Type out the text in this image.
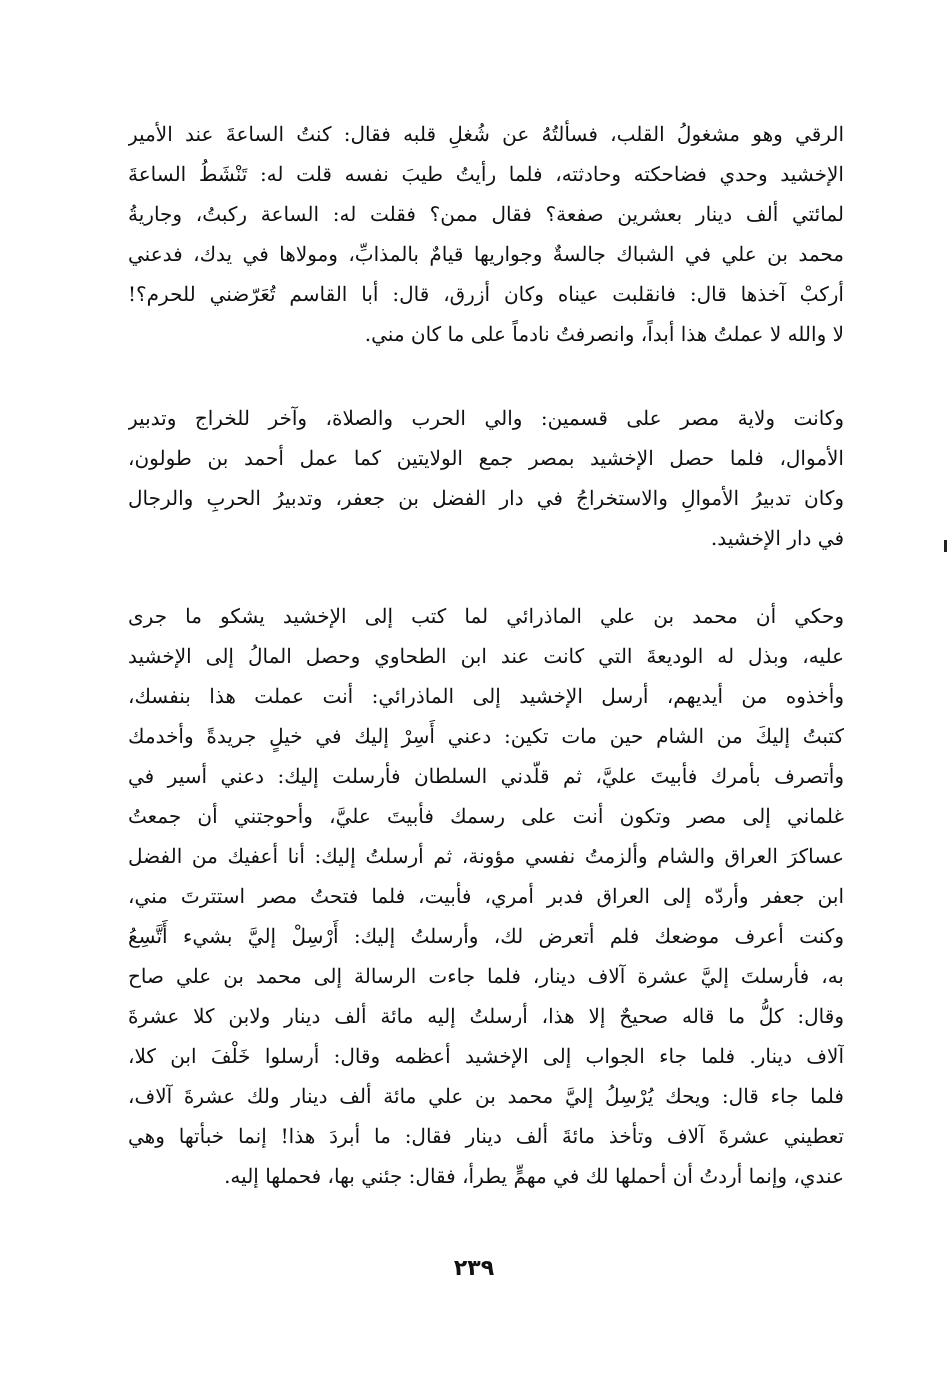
الرقي وهو مشغولُ القلب، فسألتُهُ عن شُغلِ قلبه فقال: كنتُ الساعةَ عند الأمير
الإخشيد وحدي فضاحكته وحادثته، فلما رأيتُ طيبَ نفسه قلت له: تَنْشَطُ الساعةَ
لمائتي ألف دينار بعشرين صفعة؟ فقال ممن؟ فقلت له: الساعة ركبتُ، وجاريةُ
محمد بن علي في الشباك جالسةٌ وجواريها قيامٌ بالمذابِّ، ومولاها في يدك، فدعني
أركبْ آخذها قال: فانقلبت عيناه وكان أزرق، قال: أبا القاسم تُعَرّضني للحرم؟!
لا والله لا عملتُ هذا أبداً، وانصرفتُ نادماً على ما كان مني.
وكانت ولاية مصر على قسمين: والي الحرب والصلاة، وآخر للخراج وتدبير
الأموال، فلما حصل الإخشيد بمصر جمع الولايتين كما عمل أحمد بن طولون،
وكان تدبيرُ الأموالِ والاستخراجُ في دار الفضل بن جعفر، وتدبيرُ الحربِ والرجال
في دار الإخشيد.
وحكي أن محمد بن علي الماذرائي لما كتب إلى الإخشيد يشكو ما جرى
عليه، وبذل له الوديعةَ التي كانت عند ابن الطحاوي وحصل المالُ إلى الإخشيد
وأخذوه من أيديهم، أرسل الإخشيد إلى الماذرائي: أنت عملت هذا بنفسك،
كتبتُ إليكَ من الشام حين مات تكين: دعني أَسِرْ إليك في خيلٍ جريدةً وأخدمك
وأتصرف بأمرك فأبيتَ عليَّ، ثم قلّدني السلطان فأرسلت إليك: دعني أسير في
غلماني إلى مصر وتكون أنت على رسمك فأبيتَ عليَّ، وأحوجتني أن جمعتُ
عساكرَ العراق والشام وألزمتُ نفسي مؤونة، ثم أرسلتُ إليك: أنا أعفيك من الفضل
ابن جعفر وأردّه إلى العراق فدبر أمري، فأبيت، فلما فتحتُ مصر استترتَ مني،
وكنت أعرف موضعك فلم أتعرض لك، وأرسلتُ إليك: أَرْسِلْ إليَّ بشيء أَتَّسِعُ
به، فأرسلتَ إليَّ عشرة آلاف دينار، فلما جاءت الرسالة إلى محمد بن علي صاح
وقال: كلُّ ما قاله صحيحٌ إلا هذا، أرسلتُ إليه مائة ألف دينار ولابن كلا عشرةَ
آلاف دينار. فلما جاء الجواب إلى الإخشيد أعظمه وقال: أرسلوا خَلْفَ ابن كلا،
فلما جاء قال: ويحك يُرْسِلُ إليَّ محمد بن علي مائة ألف دينار ولك عشرةَ آلاف،
تعطيني عشرةَ آلاف وتأخذ مائةَ ألف دينار فقال: ما أبردَ هذا! إنما خبأتها وهي
عندي، وإنما أردتُ أن أحملها لك في مهمٍّ يطرأ، فقال: جئني بها، فحملها إليه.
٢٣٩
